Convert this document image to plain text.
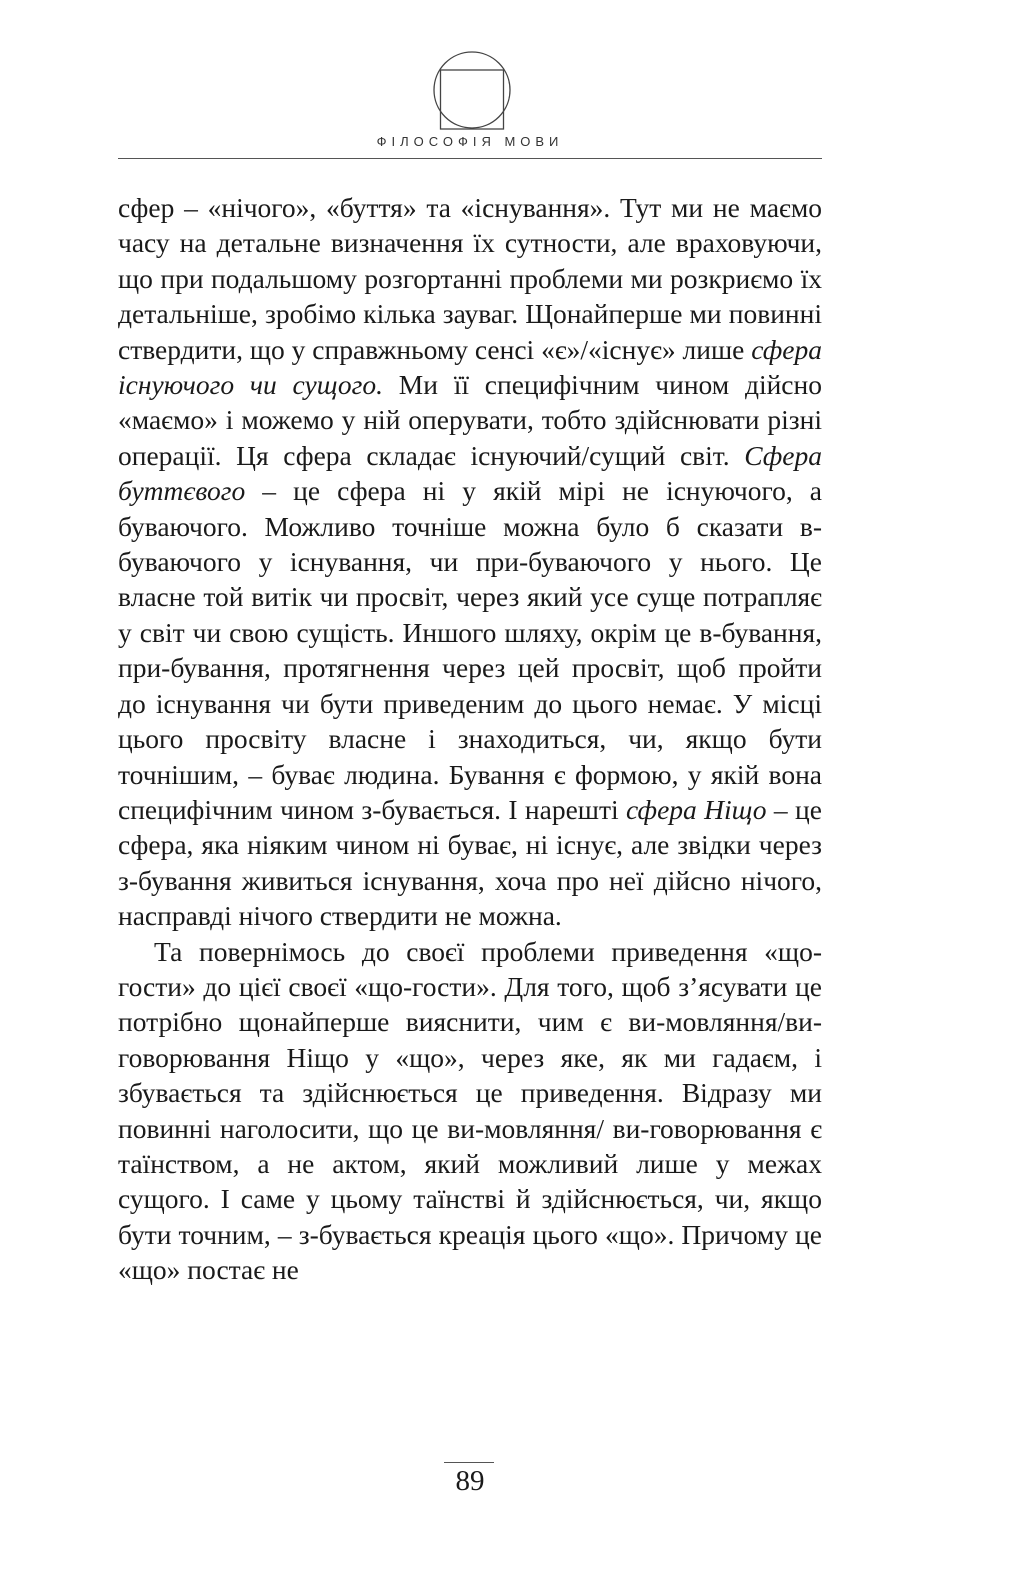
ФІЛОСОФІЯ МОВИ

сфер – «нічого», «буття» та «існування». Тут ми не маємо часу на детальне визначення їх сутности, але враховуючи, що при подальшому розгортанні проблеми ми розкриємо їх детальніше, зробімо кілька зауваг. Щонайперше ми повинні ствердити, що у справжньому сенсі «є»/«існує» лише сфера існуючого чи сущого. Ми її специфічним чином дійсно «маємо» і можемо у ній оперувати, тобто здійснювати різні операції. Ця сфера складає існуючий/сущий світ. Сфера буттєвого – це сфера ні у якій мірі не існуючого, а буваючого. Можливо точніше можна було б сказати в-буваючого у існування, чи при-буваючого у нього. Це власне той витік чи просвіт, через який усе суще потрапляє у світ чи свою сущість. Иншого шляху, окрім це в-бування, при-бування, протягнення через цей просвіт, щоб пройти до існування чи бути приведеним до цього немає. У місці цього просвіту власне і знаходиться, чи, якщо бути точнішим, – буває людина. Бування є формою, у якій вона специфічним чином з-бувається. І нарешті сфера Ніщо – це сфера, яка ніяким чином ні буває, ні існує, але звідки через з-бування живиться існування, хоча про неї дійсно нічого, насправді нічого ствердити не можна.

Та повернімось до своєї проблеми приведення «щогости» до цієї своєї «що-гости». Для того, щоб з’ясувати це потрібно щонайперше вияснити, чим є ви-мовляння/ви-говорювання Ніщо у «що», через яке, як ми гадаєм, і збувається та здійснюється це приведення. Відразу ми повинні наголосити, що це ви-мовляння/ ви-говорювання є таїнством, а не актом, який можливий лише у межах сущого. І саме у цьому таїнстві й здійснюється, чи, якщо бути точним, – з-бувається креація цього «що». Причому це «що» постає не

89
